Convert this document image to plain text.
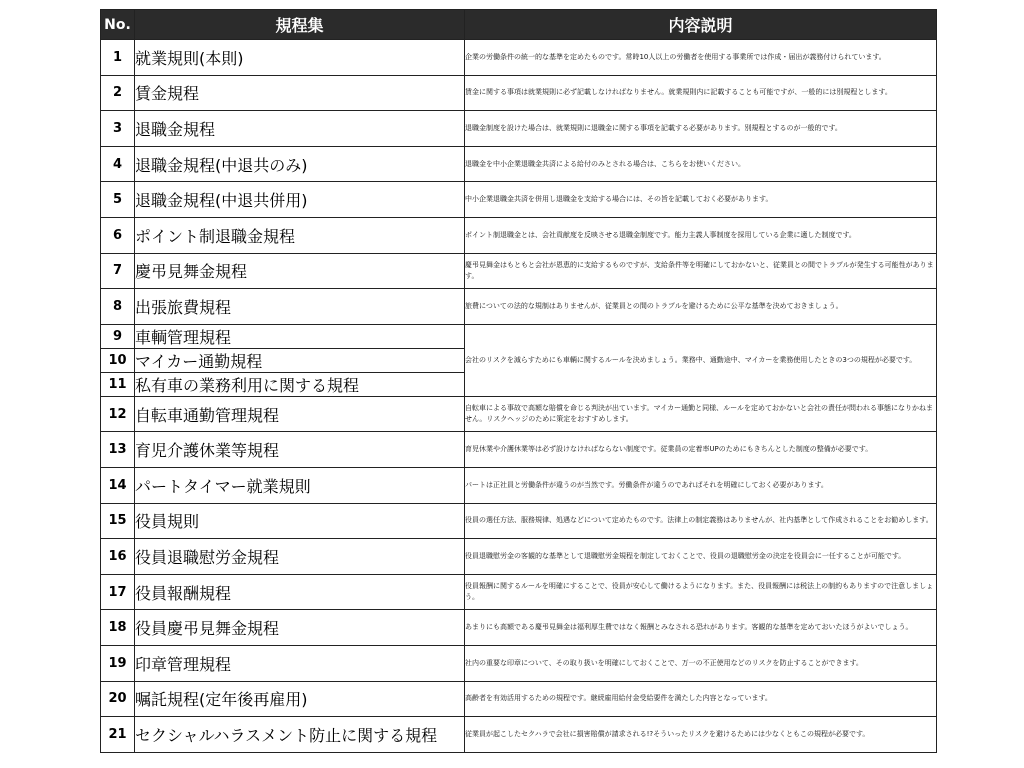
No.	規程集	内容説明
1	就業規則(本則)	企業の労働条件の統一的な基準を定めたものです。常時10人以上の労働者を使用する事業所では作成・届出が義務付けられています。
2	賃金規程	賃金に関する事項は就業規則に必ず記載しなければなりません。就業規則内に記載することも可能ですが、一般的には別規程とします。
3	退職金規程	退職金制度を設けた場合は、就業規則に退職金に関する事項を記載する必要があります。別規程とするのが一般的です。
4	退職金規程(中退共のみ)	退職金を中小企業退職金共済による給付のみとされる場合は、こちらをお使いください。
5	退職金規程(中退共併用)	中小企業退職金共済を併用し退職金を支給する場合には、その旨を記載しておく必要があります。
6	ポイント制退職金規程	ポイント制退職金とは、会社貢献度を反映させる退職金制度です。能力主義人事制度を採用している企業に適した制度です。
7	慶弔見舞金規程	慶弔見舞金はもともと会社が恩恵的に支給するものですが、支給条件等を明確にしておかないと、従業員との間でトラブルが発生する可能性があります。
8	出張旅費規程	旅費についての法的な規制はありませんが、従業員との間のトラブルを避けるために公平な基準を決めておきましょう。
9	車輌管理規程	会社のリスクを減らすためにも車輌に関するルールを決めましょう。業務中、通勤途中、マイカーを業務使用したときの3つの規程が必要です。
10	マイカー通勤規程	
11	私有車の業務利用に関する規程	
12	自転車通勤管理規程	自転車による事故で高額な賠償を命じる判決が出ています。マイカー通勤と同様、ルールを定めておかないと会社の責任が問われる事態になりかねません。リスクヘッジのために策定をおすすめします。
13	育児介護休業等規程	育児休業や介護休業等は必ず設けなければならない制度です。従業員の定着率UPのためにもきちんとした制度の整備が必要です。
14	パートタイマー就業規則	パートは正社員と労働条件が違うのが当然です。労働条件が違うのであればそれを明確にしておく必要があります。
15	役員規則	役員の選任方法、服務規律、処遇などについて定めたものです。法律上の制定義務はありませんが、社内基準として作成されることをお勧めします。
16	役員退職慰労金規程	役員退職慰労金の客観的な基準として退職慰労金規程を制定しておくことで、役員の退職慰労金の決定を役員会に一任することが可能です。
17	役員報酬規程	役員報酬に関するルールを明確にすることで、役員が安心して働けるようになります。また、役員報酬には税法上の制約もありますので注意しましょう。
18	役員慶弔見舞金規程	あまりにも高額である慶弔見舞金は福利厚生費ではなく報酬とみなされる恐れがあります。客観的な基準を定めておいたほうがよいでしょう。
19	印章管理規程	社内の重要な印章について、その取り扱いを明確にしておくことで、万一の不正使用などのリスクを防止することができます。
20	嘱託規程(定年後再雇用)	高齢者を有効活用するための規程です。継続雇用給付金受給要件を満たした内容となっています。
21	セクシャルハラスメント防止に関する規程	従業員が起こしたセクハラで会社に損害賠償が請求される!?そういったリスクを避けるためには少なくともこの規程が必要です。
